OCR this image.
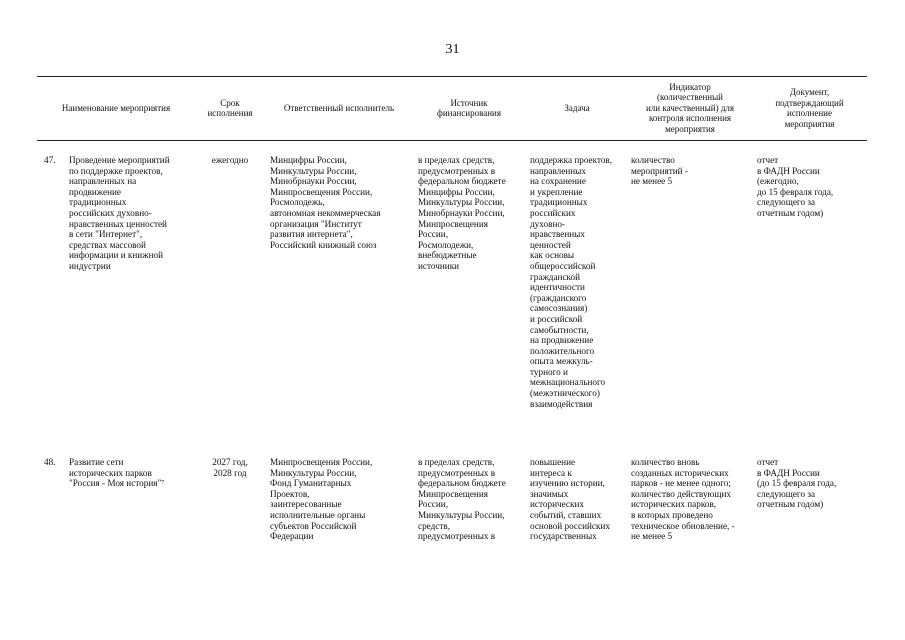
31
Наименование мероприятия
Срок
исполнения
Ответственный исполнитель
Источник
финансирования
Задача
Индикатор
(количественный
или качественный) для
контроля исполнения
мероприятия
Документ,
подтверждающий
исполнение
мероприятия
47. Проведение мероприятий
по поддержке проектов,
направленных на
продвижение
традиционных
российских духовно-
нравственных ценностей
в сети "Интернет",
средствах массовой
информации и книжной
индустрии
ежегодно	Минцифры России,
Минкультуры России,
Минобрнауки России,
Минпросвещения России,
Росмолодежь,
автономная некоммерческая
организация "Институт
развития интернета",
Российский книжный союз
в пределах средств,
предусмотренных в
федеральном бюджете
Минцифры России,
Минкультуры России,
Минобрнауки России,
Минпросвещения
России,
Росмолодежи,
внебюджетные
источники
поддержка проектов,
направленных
на сохранение
и укрепление
традиционных
российских
духовно-
нравственных
ценностей
как основы
общероссийской
гражданской
идентичности
(гражданского
самосознания)
и российской
самобытности,
на продвижение
положительного
опыта межкуль-
турного и
межнационального
(межэтнического)
взаимодействия
количество
мероприятий -
не менее 5
отчет
в ФАДН России
(ежегодно,
до 15 февраля года,
следующего за
отчетным годом)
48. Развитие сети
исторических парков
"Россия - Моя история"⁷
2027 год,
2028 год
Минпросвещения России,
Минкультуры России,
Фонд Гуманитарных
Проектов,
заинтересованные
исполнительные органы
субъектов Российской
Федерации
в пределах средств,
предусмотренных в
федеральном бюджете
Минпросвещения
России,
Минкультуры России,
средств,
предусмотренных в
повышение
интереса к
изучению истории,
значимых
исторических
событий, ставших
основой российских
государственных
количество вновь
созданных исторических
парков - не менее одного;
количество действующих
исторических парков,
в которых проведено
техническое обновление, -
не менее 5
отчет
в ФАДН России
(до 15 февраля года,
следующего за
отчетным годом)
